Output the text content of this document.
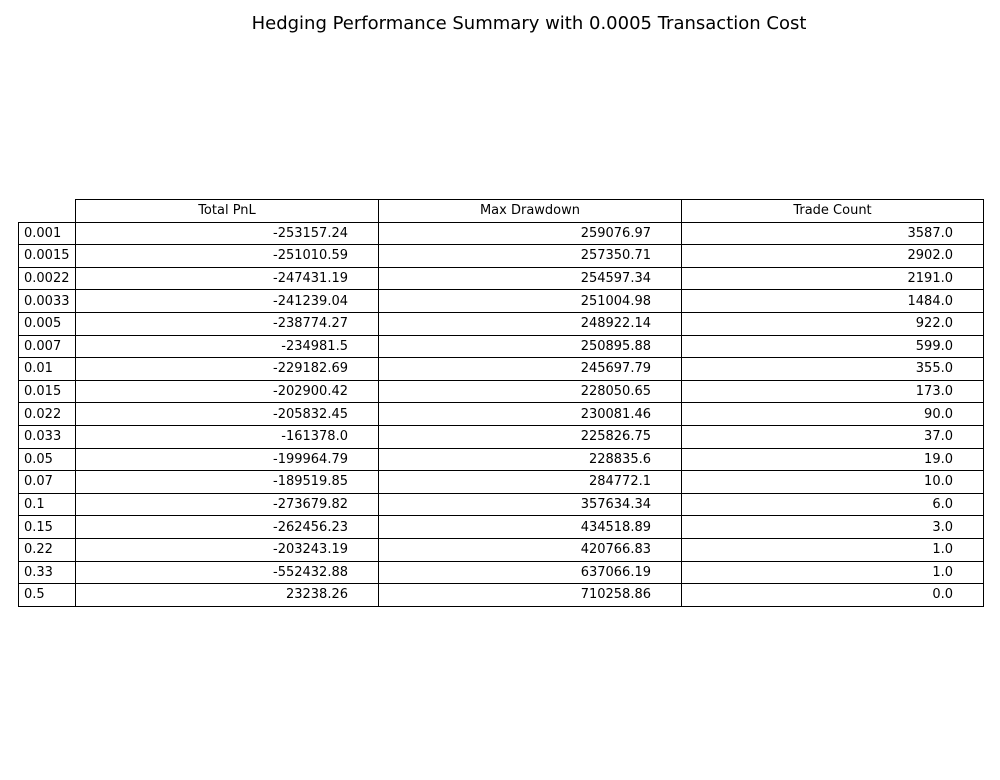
Hedging Performance Summary with 0.0005 Transaction Cost
	Total PnL	Max Drawdown	Trade Count
0.001	-253157.24	259076.97	3587.0
0.0015	-251010.59	257350.71	2902.0
0.0022	-247431.19	254597.34	2191.0
0.0033	-241239.04	251004.98	1484.0
0.005	-238774.27	248922.14	922.0
0.007	-234981.5	250895.88	599.0
0.01	-229182.69	245697.79	355.0
0.015	-202900.42	228050.65	173.0
0.022	-205832.45	230081.46	90.0
0.033	-161378.0	225826.75	37.0
0.05	-199964.79	228835.6	19.0
0.07	-189519.85	284772.1	10.0
0.1	-273679.82	357634.34	6.0
0.15	-262456.23	434518.89	3.0
0.22	-203243.19	420766.83	1.0
0.33	-552432.88	637066.19	1.0
0.5	23238.26	710258.86	0.0
